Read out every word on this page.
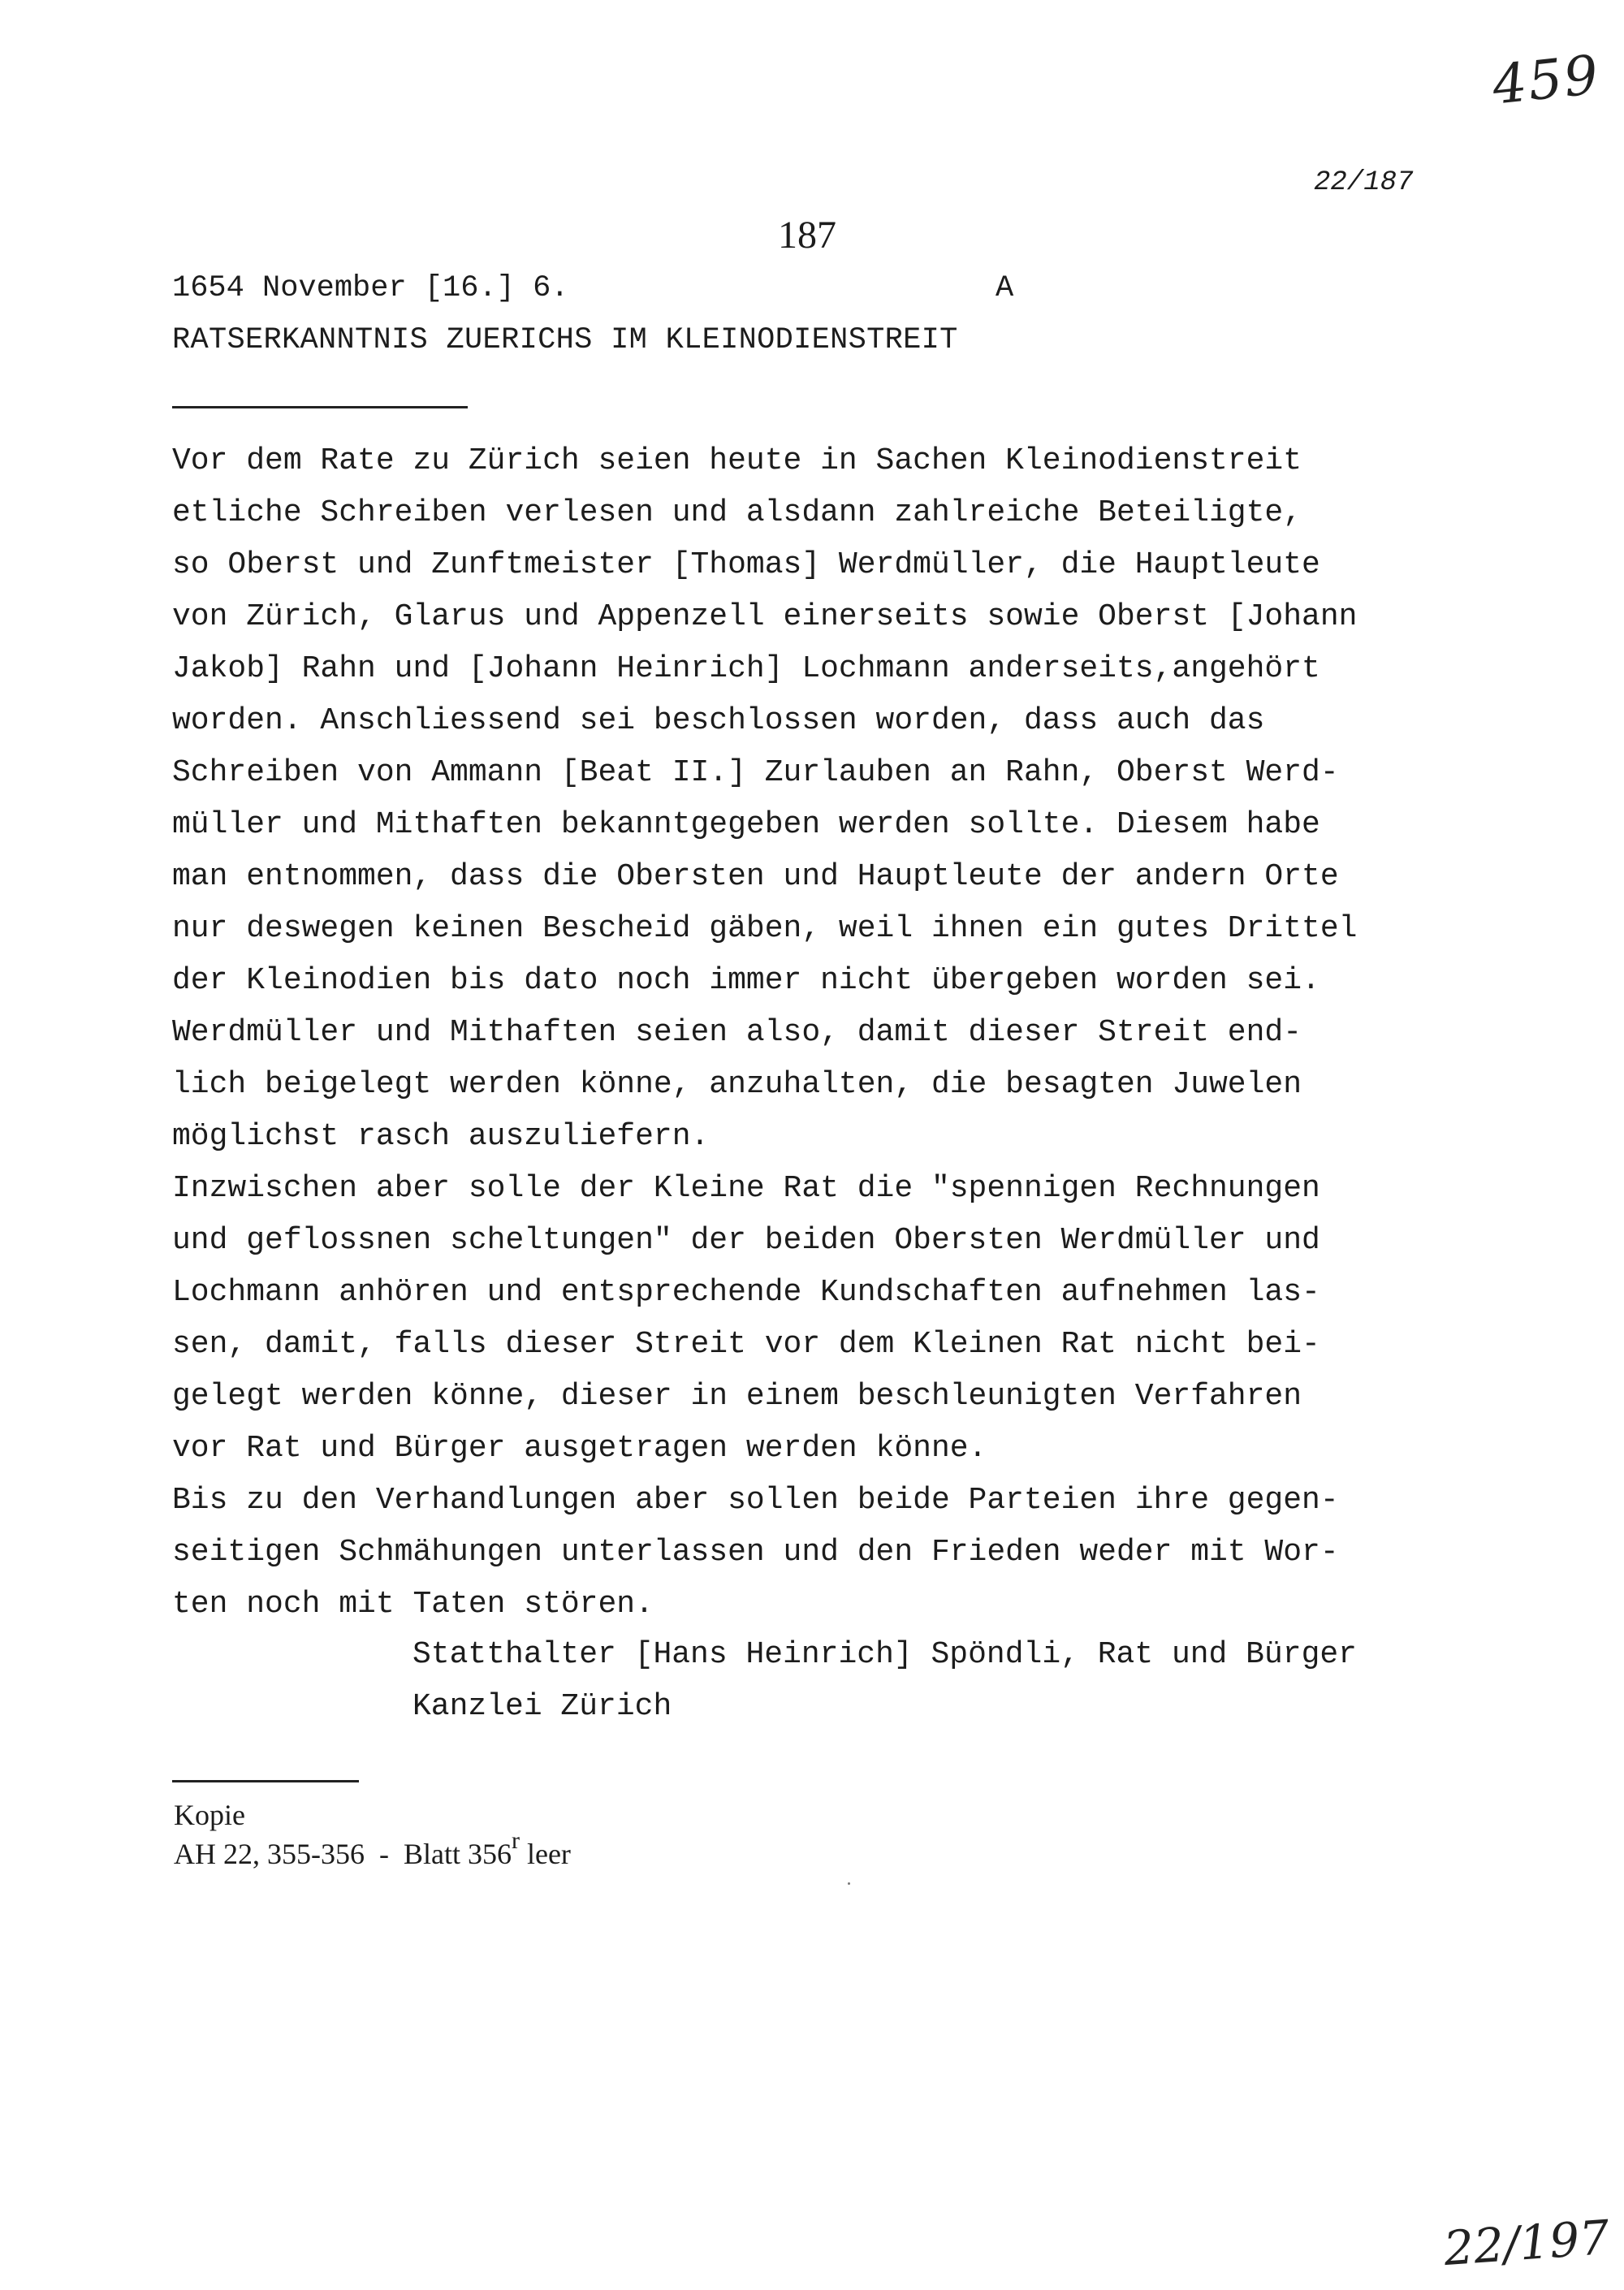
459
22/187
187
1654 November [16.] 6.	A
RATSERKANNTNIS ZUERICHS IM KLEINODIENSTREIT
Vor dem Rate zu Zürich seien heute in Sachen Kleinodienstreit
etliche Schreiben verlesen und alsdann zahlreiche Beteiligte,
so Oberst und Zunftmeister [Thomas] Werdmüller, die Hauptleute
von Zürich, Glarus und Appenzell einerseits sowie Oberst [Johann
Jakob] Rahn und [Johann Heinrich] Lochmann anderseits,angehört
worden. Anschliessend sei beschlossen worden, dass auch das
Schreiben von Ammann [Beat II.] Zurlauben an Rahn, Oberst Werd-
müller und Mithaften bekanntgegeben werden sollte. Diesem habe
man entnommen, dass die Obersten und Hauptleute der andern Orte
nur deswegen keinen Bescheid gäben, weil ihnen ein gutes Drittel
der Kleinodien bis dato noch immer nicht übergeben worden sei.
Werdmüller und Mithaften seien also, damit dieser Streit end-
lich beigelegt werden könne, anzuhalten, die besagten Juwelen
möglichst rasch auszuliefern.
Inzwischen aber solle der Kleine Rat die "spennigen Rechnungen
und geflossnen scheltungen" der beiden Obersten Werdmüller und
Lochmann anhören und entsprechende Kundschaften aufnehmen las-
sen, damit, falls dieser Streit vor dem Kleinen Rat nicht bei-
gelegt werden könne, dieser in einem beschleunigten Verfahren
vor Rat und Bürger ausgetragen werden könne.
Bis zu den Verhandlungen aber sollen beide Parteien ihre gegen-
seitigen Schmähungen unterlassen und den Frieden weder mit Wor-
ten noch mit Taten stören.
Statthalter [Hans Heinrich] Spöndli, Rat und Bürger
Kanzlei Zürich
Kopie
AH 22, 355-356  -  Blatt 356$^r$ leer
22/197
